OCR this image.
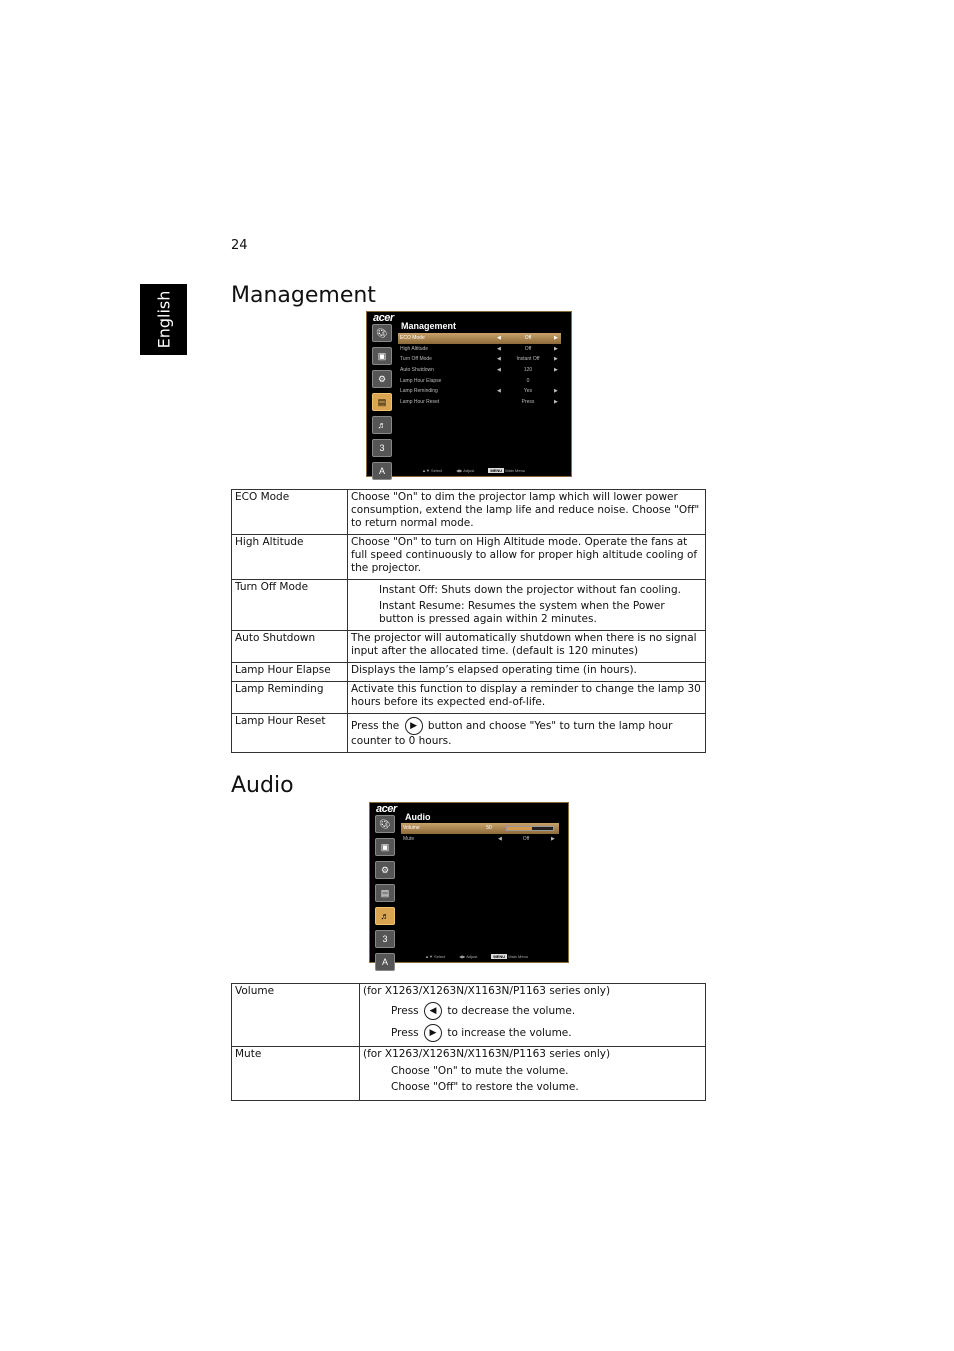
24
English	Management
acer
🎨︎
▣
⚙
▤
♬
3
A
Management
ECO Mode	◀	▶
Off
High Altitude	◀	▶
Off
Turn Off Mode	◀	▶
Instant Off
Auto Shutdown	◀	▶
120
Lamp Hour Elapse	0
Lamp Reminding	◀	▶
Yes
Lamp Hour Reset	▶
Press
▲▼ Select	◀▶ Adjust	MENU Main Menu
ECO Mode	Choose "On" to dim the projector lamp which will lower power consumption, extend the lamp life and reduce noise. Choose "Off" to return normal mode.
High Altitude	Choose "On" to turn on High Altitude mode. Operate the fans at full speed continuously to allow for proper high altitude cooling of the projector.
Turn Off Mode	Instant Off: Shuts down the projector without fan cooling.
Instant Resume: Resumes the system when the Power button is pressed again within 2 minutes.

Auto Shutdown	The projector will automatically shutdown when there is no signal input after the allocated time. (default is 120 minutes)
Lamp Hour Elapse	Displays the lamp’s elapsed operating time (in hours).
Lamp Reminding	Activate this function to display a reminder to change the lamp 30 hours before its expected end-of-life.
Lamp Hour Reset	Press the ▶ button and choose "Yes" to turn the lamp hour counter to 0 hours.
Audio
acer
🎨︎
▣
⚙
▤
♬
3
A
Audio
Volume	50
Mute	◀	▶
Off
▲▼ Select	◀▶ Adjust	MENU Main Menu
Volume	(for X1263/X1263N/X1163N/P1163 series only)
Press ◀ to decrease the volume.
Press ▶ to increase the volume.

Mute	(for X1263/X1263N/X1163N/P1163 series only)
Choose "On" to mute the volume.
Choose "Off" to restore the volume.
